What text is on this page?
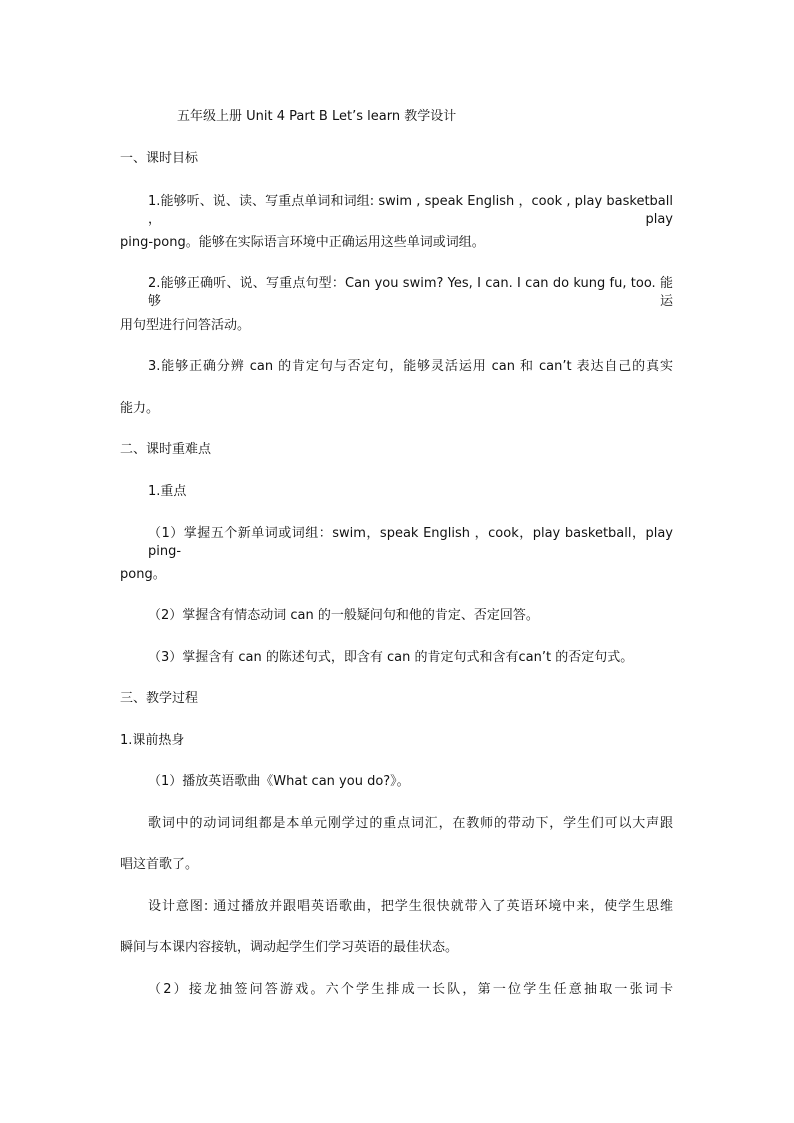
五年级上册 Unit 4 Part B Let’s learn 教学设计
一、课时目标
1.能够听、说、读、写重点单词和词组: swim , speak English ，cook , play basketball ，play
ping-pong。能够在实际语言环境中正确运用这些单词或词组。
2.能够正确听、说、写重点句型：Can you swim? Yes, I can. I can do kung fu, too. 能够运
用句型进行问答活动。
3.能够正确分辨 can 的肯定句与否定句，能够灵活运用 can 和 can’t 表达自己的真实
能力。
二、课时重难点
1.重点
（1）掌握五个新单词或词组：swim，speak English ，cook，play basketball，play ping-
pong。
（2）掌握含有情态动词 can 的一般疑问句和他的肯定、否定回答。
（3）掌握含有 can 的陈述句式，即含有 can 的肯定句式和含有can’t 的否定句式。
三、教学过程
1.课前热身
（1）播放英语歌曲《What can you do?》。
歌词中的动词词组都是本单元刚学过的重点词汇，在教师的带动下，学生们可以大声跟
唱这首歌了。
设计意图: 通过播放并跟唱英语歌曲，把学生很快就带入了英语环境中来，使学生思维
瞬间与本课内容接轨，调动起学生们学习英语的最佳状态。
（2）接龙抽签问答游戏。六个学生排成一长队，第一位学生任意抽取一张词卡
